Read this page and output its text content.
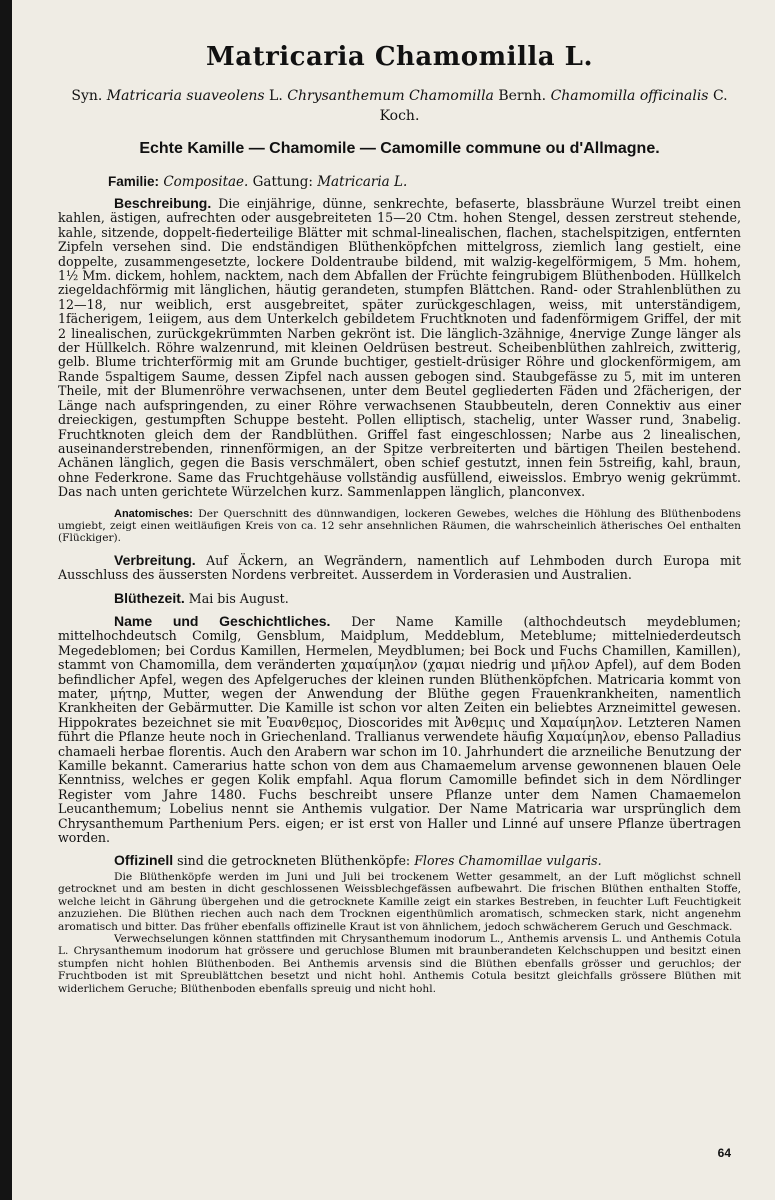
Matricaria Chamomilla L.
Syn. Matricaria suaveolens L. Chrysanthemum Chamomilla Bernh. Chamomilla officinalis C. Koch.
Echte Kamille — Chamomile — Camomille commune ou d'Allmagne.
Familie: Compositae. Gattung: Matricaria L.

Beschreibung. Die einjährige, dünne, senkrechte, befaserte, blassbräune Wurzel treibt einen kahlen, ästigen, aufrechten oder ausgebreiteten 15—20 Ctm. hohen Stengel, dessen zerstreut stehende, kahle, sitzende, doppelt-fiederteilige Blätter mit schmal-linealischen, flachen, stachelspitzigen, entfernten Zipfeln versehen sind. Die endständigen Blüthenköpfchen mittelgross, ziemlich lang gestielt, eine doppelte, zusammengesetzte, lockere Doldentraube bildend, mit walzig-kegelförmigem, 5 Mm. hohem, 1½ Mm. dickem, hohlem, nacktem, nach dem Abfallen der Früchte feingrubigem Blüthenboden. Hüllkelch ziegeldachförmig mit länglichen, häutig gerandeten, stumpfen Blättchen. Rand- oder Strahlenblüthen zu 12—18, nur weiblich, erst ausgebreitet, später zurückgeschlagen, weiss, mit unterständigem, 1fächerigem, 1eiigem, aus dem Unterkelch gebildetem Fruchtknoten und fadenförmigem Griffel, der mit 2 linealischen, zurückgekrümmten Narben gekrönt ist. Die länglich-3zähnige, 4nervige Zunge länger als der Hüllkelch. Röhre walzenrund, mit kleinen Oeldrüsen bestreut. Scheibenblüthen zahlreich, zwitterig, gelb. Blume trichterförmig mit am Grunde buchtiger, gestielt-drüsiger Röhre und glockenförmigem, am Rande 5spaltigem Saume, dessen Zipfel nach aussen gebogen sind. Staubgefässe zu 5, mit im unteren Theile, mit der Blumenröhre verwachsenen, unter dem Beutel gegliederten Fäden und 2fächerigen, der Länge nach aufspringenden, zu einer Röhre verwachsenen Staubbeuteln, deren Connektiv aus einer dreieckigen, gestumpften Schuppe besteht. Pollen elliptisch, stachelig, unter Wasser rund, 3nabelig. Fruchtknoten gleich dem der Randblüthen. Griffel fast eingeschlossen; Narbe aus 2 linealischen, auseinanderstrebenden, rinnenförmigen, an der Spitze verbreiterten und bärtigen Theilen bestehend. Achänen länglich, gegen die Basis verschmälert, oben schief gestutzt, innen fein 5streifig, kahl, braun, ohne Federkrone. Same das Fruchtgehäuse vollständig ausfüllend, eiweisslos. Embryo wenig gekrümmt. Das nach unten gerichtete Würzelchen kurz. Sammenlappen länglich, planconvex.

Anatomisches: Der Querschnitt des dünnwandigen, lockeren Gewebes, welches die Höhlung des Blüthenbodens umgiebt, zeigt einen weitläufigen Kreis von ca. 12 sehr ansehnlichen Räumen, die wahrscheinlich ätherisches Oel enthalten (Flückiger).

Verbreitung. Auf Äckern, an Wegrändern, namentlich auf Lehmboden durch Europa mit Ausschluss des äussersten Nordens verbreitet. Ausserdem in Vorderasien und Australien.

Blüthezeit. Mai bis August.

Name und Geschichtliches. Der Name Kamille (althochdeutsch meydeblumen; mittelhochdeutsch Comilg, Gensblum, Maidplum, Meddeblum, Meteblume; mittelniederdeutsch Megedeblomen; bei Cordus Kamillen, Hermelen, Meydblumen; bei Bock und Fuchs Chamillen, Kamillen), stammt von Chamomilla, dem veränderten χαμαίμηλον (χαμαι niedrig und μῆλον Apfel), auf dem Boden befindlicher Apfel, wegen des Apfelgeruches der kleinen runden Blüthenköpfchen. Matricaria kommt von mater, μήτηρ, Mutter, wegen der Anwendung der Blüthe gegen Frauenkrankheiten, namentlich Krankheiten der Gebärmutter. Die Kamille ist schon vor alten Zeiten ein beliebtes Arzneimittel gewesen. Hippokrates bezeichnet sie mit Ἐυανθεμος, Dioscorides mit Ἀνθεμις und Χαμαίμηλον. Letzteren Namen führt die Pflanze heute noch in Griechenland. Trallianus verwendete häufig Χαμαίμηλον, ebenso Palladius chamaeli herbae florentis. Auch den Arabern war schon im 10. Jahrhundert die arzneiliche Benutzung der Kamille bekannt. Camerarius hatte schon von dem aus Chamaemelum arvense gewonnenen blauen Oele Kenntniss, welches er gegen Kolik empfahl. Aqua florum Camomille befindet sich in dem Nördlinger Register vom Jahre 1480. Fuchs beschreibt unsere Pflanze unter dem Namen Chamaemelon Leucanthemum; Lobelius nennt sie Anthemis vulgatior. Der Name Matricaria war ursprünglich dem Chrysanthemum Parthenium Pers. eigen; er ist erst von Haller und Linné auf unsere Pflanze übertragen worden.

Offizinell sind die getrockneten Blüthenköpfe: Flores Chamomillae vulgaris.

Die Blüthenköpfe werden im Juni und Juli bei trockenem Wetter gesammelt, an der Luft möglichst schnell getrocknet und am besten in dicht geschlossenen Weissblechgefässen aufbewahrt. Die frischen Blüthen enthalten Stoffe, welche leicht in Gährung übergehen und die getrocknete Kamille zeigt ein starkes Bestreben, in feuchter Luft Feuchtigkeit anzuziehen. Die Blüthen riechen auch nach dem Trocknen eigenthümlich aromatisch, schmecken stark, nicht angenehm aromatisch und bitter. Das früher ebenfalls offizinelle Kraut ist von ähnlichem, jedoch schwächerem Geruch und Geschmack.

Verwechselungen können stattfinden mit Chrysanthemum inodorum L., Anthemis arvensis L. und Anthemis Cotula L. Chrysanthemum inodorum hat grössere und geruchlose Blumen mit braunberandeten Kelchschuppen und besitzt einen stumpfen nicht hohlen Blüthenboden. Bei Anthemis arvensis sind die Blüthen ebenfalls grösser und geruchlos; der Fruchtboden ist mit Spreublättchen besetzt und nicht hohl. Anthemis Cotula besitzt gleichfalls grössere Blüthen mit widerlichem Geruche; Blüthenboden ebenfalls spreuig und nicht hohl.

64
